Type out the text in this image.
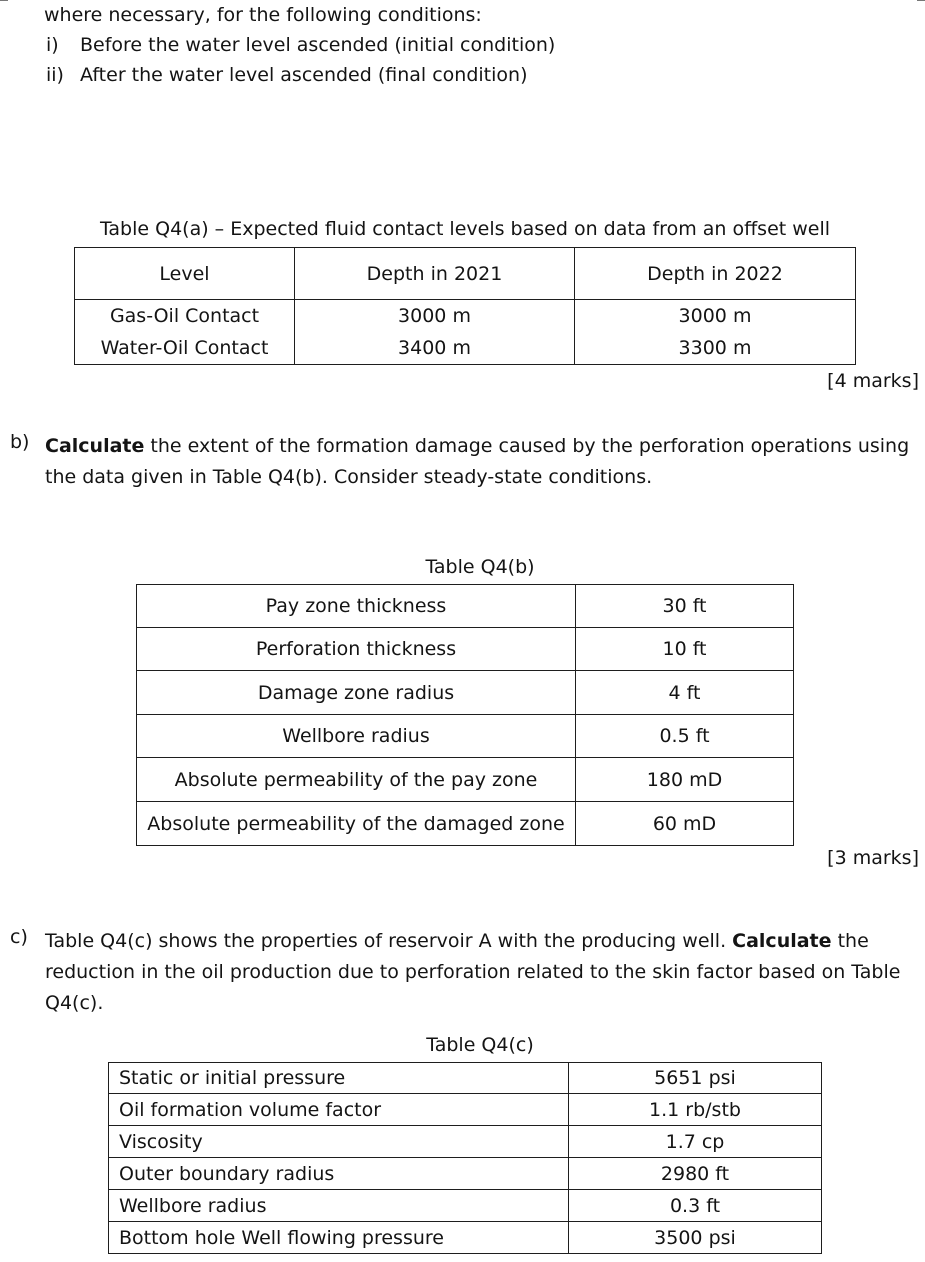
where necessary, for the following conditions:
i) Before the water level ascended (initial condition)
ii) After the water level ascended (final condition)
Table Q4(a) – Expected fluid contact levels based on data from an offset well
Level	Depth in 2021	Depth in 2022
Gas-Oil Contact	3000 m	3000 m
Water-Oil Contact	3400 m	3300 m
[4 marks]
b) Calculate the extent of the formation damage caused by the perforation operations using the data given in Table Q4(b). Consider steady-state conditions.
Table Q4(b)
Pay zone thickness	30 ft
Perforation thickness	10 ft
Damage zone radius	4 ft
Wellbore radius	0.5 ft
Absolute permeability of the pay zone	180 mD
Absolute permeability of the damaged zone	60 mD
[3 marks]
c) Table Q4(c) shows the properties of reservoir A with the producing well. Calculate the reduction in the oil production due to perforation related to the skin factor based on Table Q4(c).
Table Q4(c)
Static or initial pressure	5651 psi
Oil formation volume factor	1.1 rb/stb
Viscosity	1.7 cp
Outer boundary radius	2980 ft
Wellbore radius	0.3 ft
Bottom hole Well flowing pressure	3500 psi
